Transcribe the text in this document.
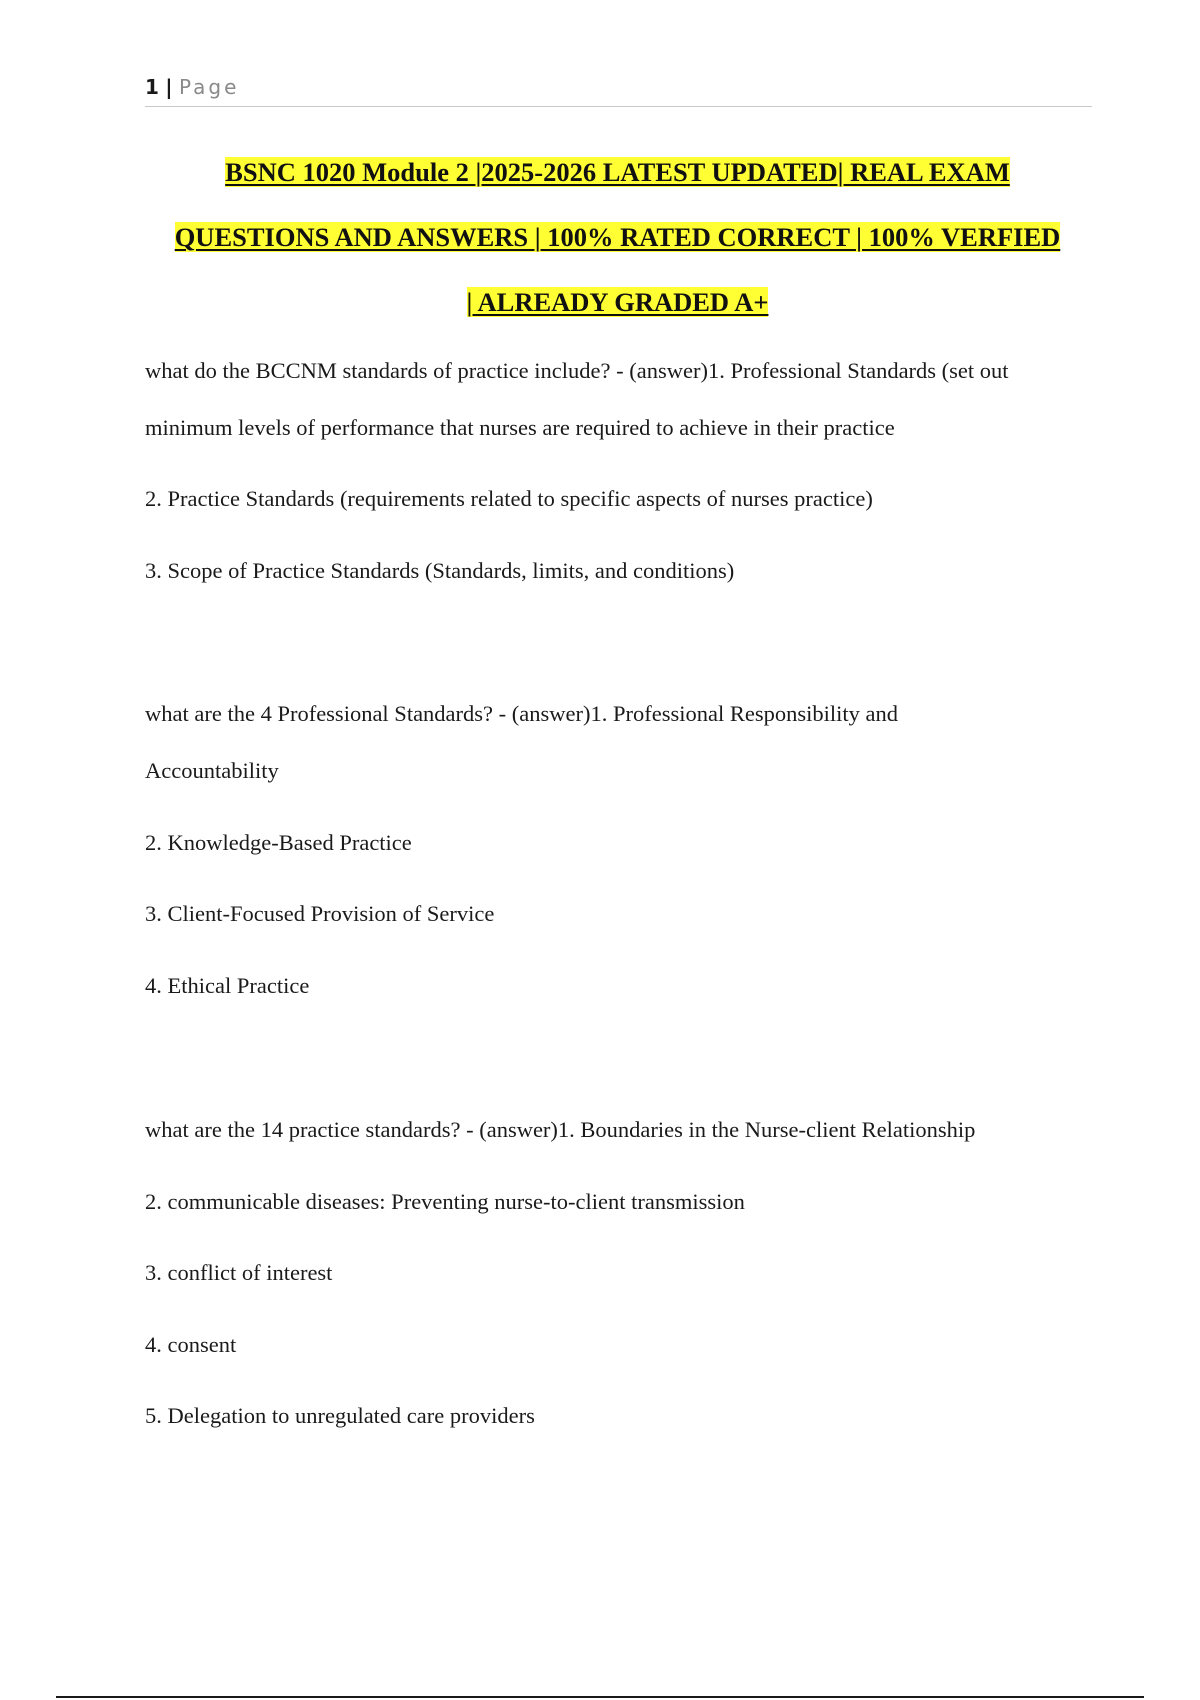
1 | Page
BSNC 1020 Module 2 |2025-2026 LATEST UPDATED| REAL EXAM
QUESTIONS AND ANSWERS | 100% RATED CORRECT | 100% VERFIED
| ALREADY GRADED A+
what do the BCCNM standards of practice include? - (answer)1. Professional Standards (set out
minimum levels of performance that nurses are required to achieve in their practice
2. Practice Standards (requirements related to specific aspects of nurses practice)
3. Scope of Practice Standards (Standards, limits, and conditions)
what are the 4 Professional Standards? - (answer)1. Professional Responsibility and
Accountability
2. Knowledge-Based Practice
3. Client-Focused Provision of Service
4. Ethical Practice
what are the 14 practice standards? - (answer)1. Boundaries in the Nurse-client Relationship
2. communicable diseases: Preventing nurse-to-client transmission
3. conflict of interest
4. consent
5. Delegation to unregulated care providers
